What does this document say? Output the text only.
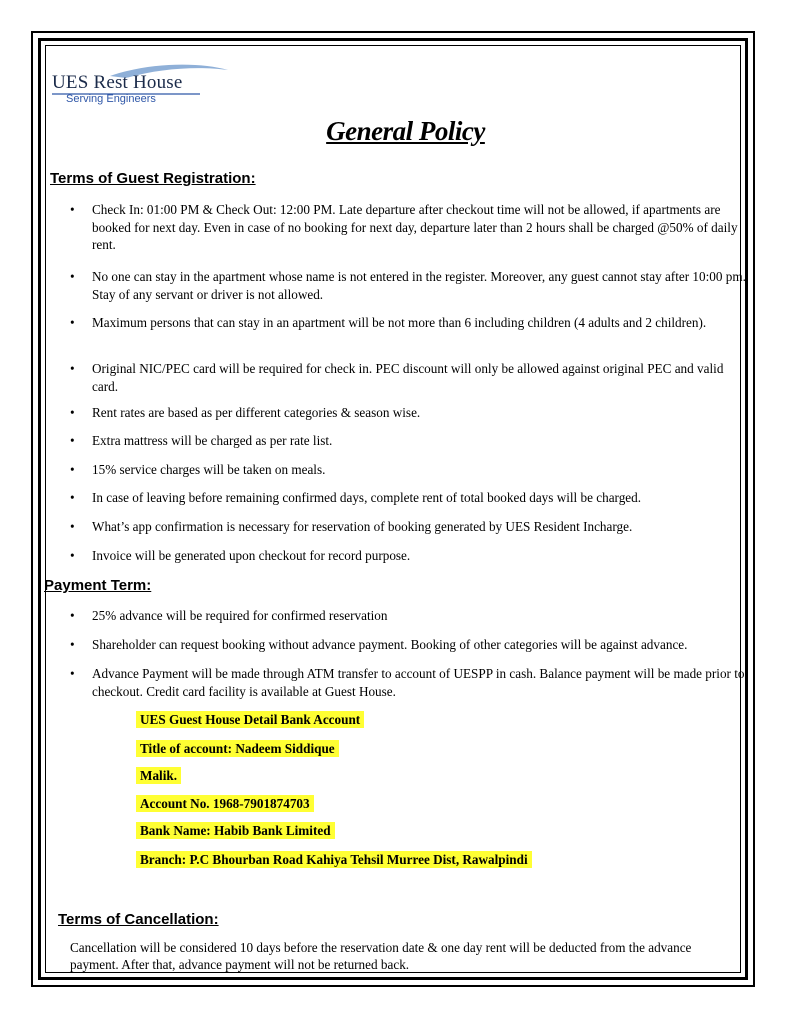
UES Rest House
Serving Engineers
General Policy
Terms of Guest Registration:
• Check In: 01:00 PM & Check Out: 12:00 PM. Late departure after checkout time will not be allowed, if apartments are booked for next day. Even in case of no booking for next day, departure later than 2 hours shall be charged @50% of daily rent.
• No one can stay in the apartment whose name is not entered in the register. Moreover, any guest cannot stay after 10:00 pm. Stay of any servant or driver is not allowed.
• Maximum persons that can stay in an apartment will be not more than 6 including children (4 adults and 2 children).
• Original NIC/PEC card will be required for check in. PEC discount will only be allowed against original PEC and valid card.
• Rent rates are based as per different categories & season wise.
• Extra mattress will be charged as per rate list.
• 15% service charges will be taken on meals.
• In case of leaving before remaining confirmed days, complete rent of total booked days will be charged.
• What’s app confirmation is necessary for reservation of booking generated by UES Resident Incharge.
• Invoice will be generated upon checkout for record purpose.
Payment Term:
• 25% advance will be required for confirmed reservation
• Shareholder can request booking without advance payment. Booking of other categories will be against advance.
• Advance Payment will be made through ATM transfer to account of UESPP in cash. Balance payment will be made prior to checkout. Credit card facility is available at Guest House.
UES Guest House Detail Bank Account
Title of account: Nadeem Siddique
Malik.
Account No. 1968-7901874703
Bank Name: Habib Bank Limited
Branch: P.C Bhourban Road Kahiya Tehsil Murree Dist, Rawalpindi
Terms of Cancellation:
Cancellation will be considered 10 days before the reservation date & one day rent will be deducted from the advance payment. After that, advance payment will not be returned back.
